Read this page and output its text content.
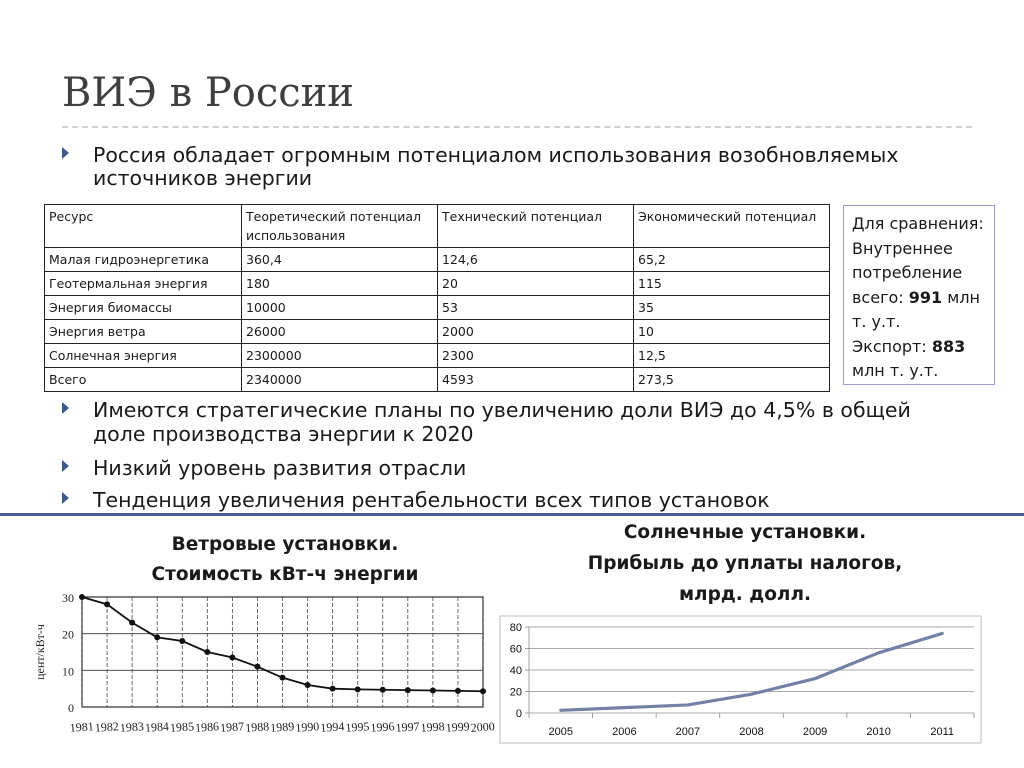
ВИЭ в России
Россия обладает огромным потенциалом использования возобновляемых
источников энергии
Ресурс	Теоретический потенциал использования	Технический потенциал	Экономический потенциал
Малая гидроэнергетика	360,4	124,6	65,2
Геотермальная энергия	180	20	115
Энергия биомассы	10000	53	35
Энергия ветра	26000	2000	10
Солнечная энергия	2300000	2300	12,5
Всего	2340000	4593	273,5
Для сравнения:
Внутреннее
потребление
всего: 991 млн
т. у.т.
Экспорт: 883
млн т. у.т.
Имеются стратегические планы по увеличению доли ВИЭ до 4,5% в общей
доле производства энергии к 2020
Низкий уровень развития отрасли
Тенденция увеличения рентабельности всех типов установок
Ветровые установки.
Стоимость кВт-ч энергии
Солнечные установки.
Прибыль до уплаты налогов,
млрд. долл.
0
10
20
30
1981 1982 1983 1984 1985 1986 1987 1988 1989 1990 1994 1995 1996 1997 1998 1999 2000
цент/кВт-ч
0
20
40
60
80
2005	2006	2007	2008	2009	2010	2011
